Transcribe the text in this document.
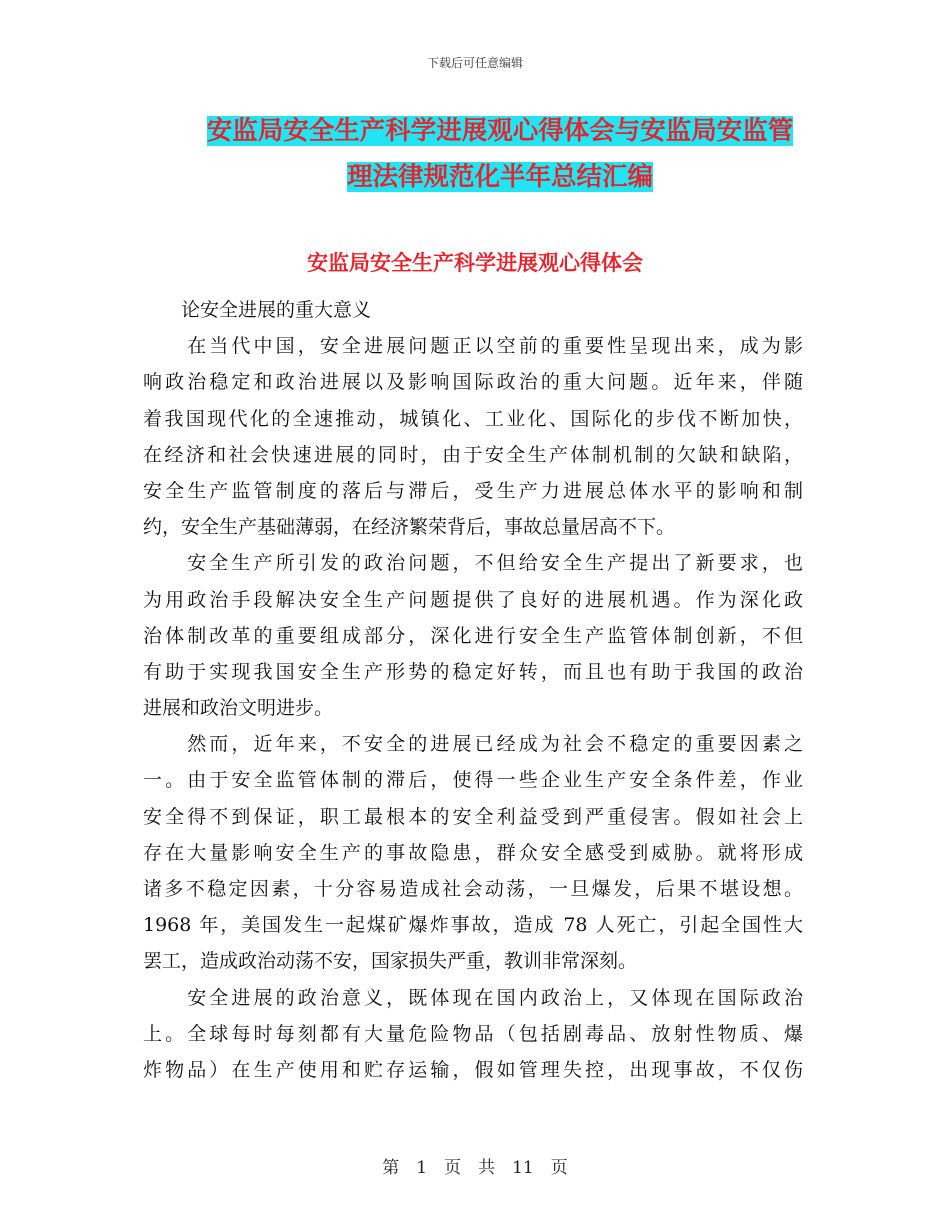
下载后可任意编辑
安监局安全生产科学进展观心得体会与安监局安监管
理法律规范化半年总结汇编
安监局安全生产科学进展观心得体会
　　论安全进展的重大意义
　　在当代中国，安全进展问题正以空前的重要性呈现出来，成为影
响政治稳定和政治进展以及影响国际政治的重大问题。近年来，伴随
着我国现代化的全速推动，城镇化、工业化、国际化的步伐不断加快，
在经济和社会快速进展的同时，由于安全生产体制机制的欠缺和缺陷，
安全生产监管制度的落后与滞后，受生产力进展总体水平的影响和制
约，安全生产基础薄弱，在经济繁荣背后，事故总量居高不下。
　　安全生产所引发的政治问题，不但给安全生产提出了新要求，也
为用政治手段解决安全生产问题提供了良好的进展机遇。作为深化政
治体制改革的重要组成部分，深化进行安全生产监管体制创新，不但
有助于实现我国安全生产形势的稳定好转，而且也有助于我国的政治
进展和政治文明进步。
　　然而，近年来，不安全的进展已经成为社会不稳定的重要因素之
一。由于安全监管体制的滞后，使得一些企业生产安全条件差，作业
安全得不到保证，职工最根本的安全利益受到严重侵害。假如社会上
存在大量影响安全生产的事故隐患，群众安全感受到威胁。就将形成
诸多不稳定因素，十分容易造成社会动荡，一旦爆发，后果不堪设想。
1968 年，美国发生一起煤矿爆炸事故，造成 78 人死亡，引起全国性大
罢工，造成政治动荡不安，国家损失严重，教训非常深刻。
　　安全进展的政治意义，既体现在国内政治上，又体现在国际政治
上。全球每时每刻都有大量危险物品（包括剧毒品、放射性物质、爆
炸物品）在生产使用和贮存运输，假如管理失控，出现事故，不仅伤
第　1　页　共　11　页
